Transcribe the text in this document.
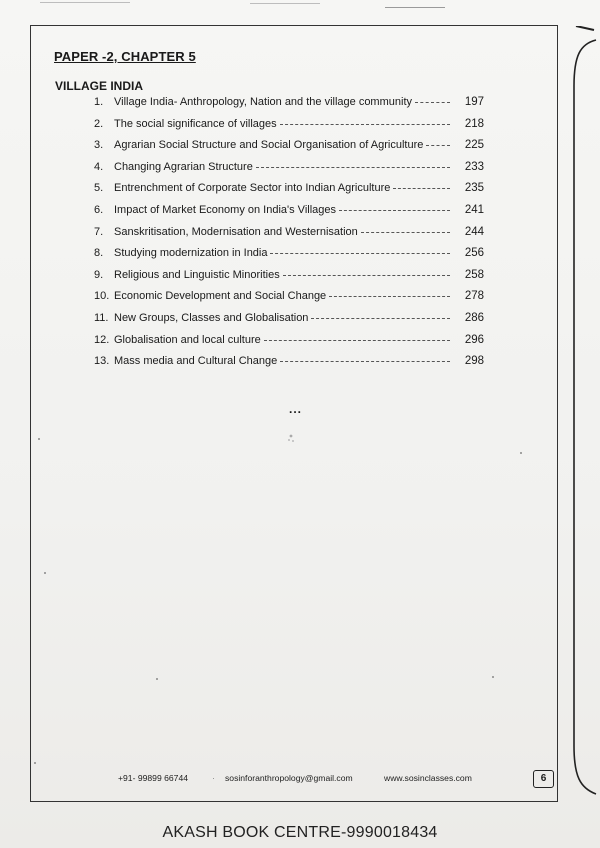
PAPER -2, CHAPTER 5
VILLAGE INDIA
1. Village India- Anthropology, Nation and the village community	197
2. The social significance of villages	218
3. Agrarian Social Structure and Social Organisation of Agriculture	225
4. Changing Agrarian Structure	233
5. Entrenchment of Corporate Sector into Indian Agriculture	235
6. Impact of Market Economy on India's Villages	241
7. Sanskritisation, Modernisation and Westernisation	244
8. Studying modernization in India	256
9. Religious and Linguistic Minorities	258
10. Economic Development and Social Change	278
11. New Groups, Classes and Globalisation	286
12. Globalisation and local culture	296
13. Mass media and Cultural Change	298
...
+91- 99899 66744	· sosinforanthropology@gmail.com	www.sosinclasses.com	6
AKASH BOOK CENTRE-9990018434
